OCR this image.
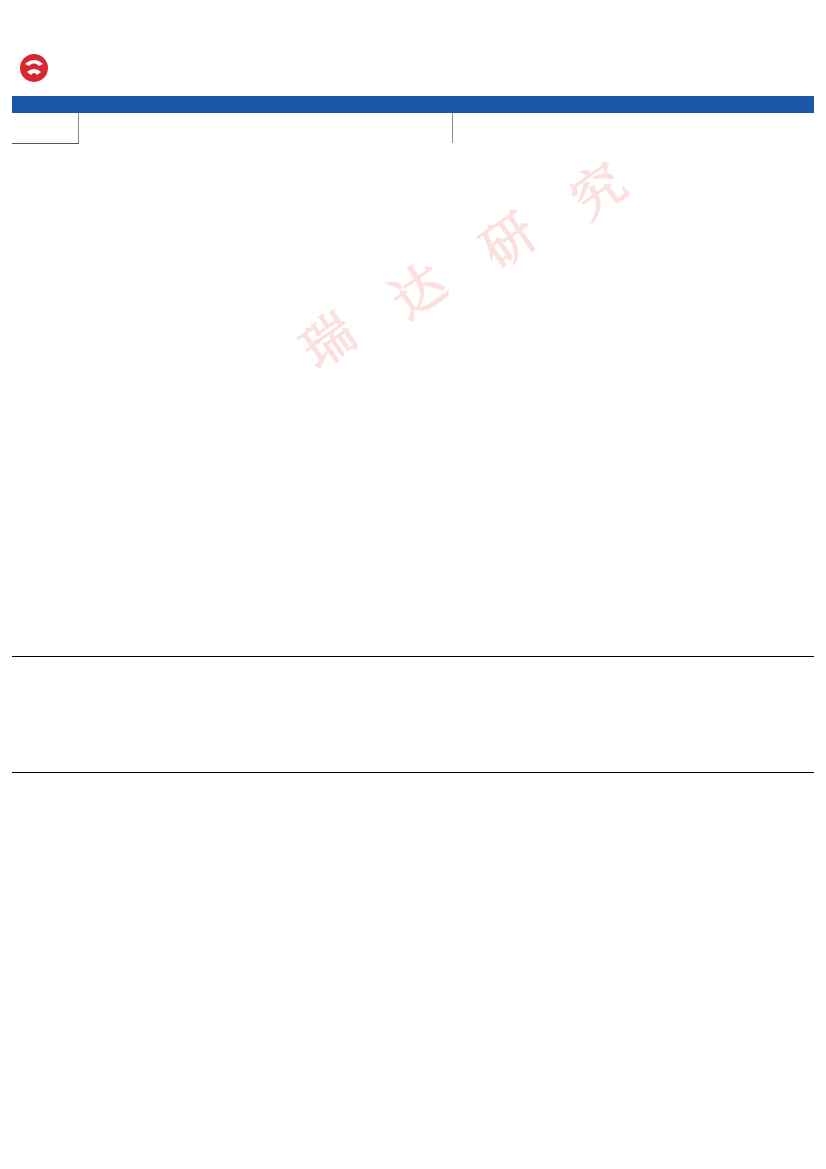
瑞
达
研
究
